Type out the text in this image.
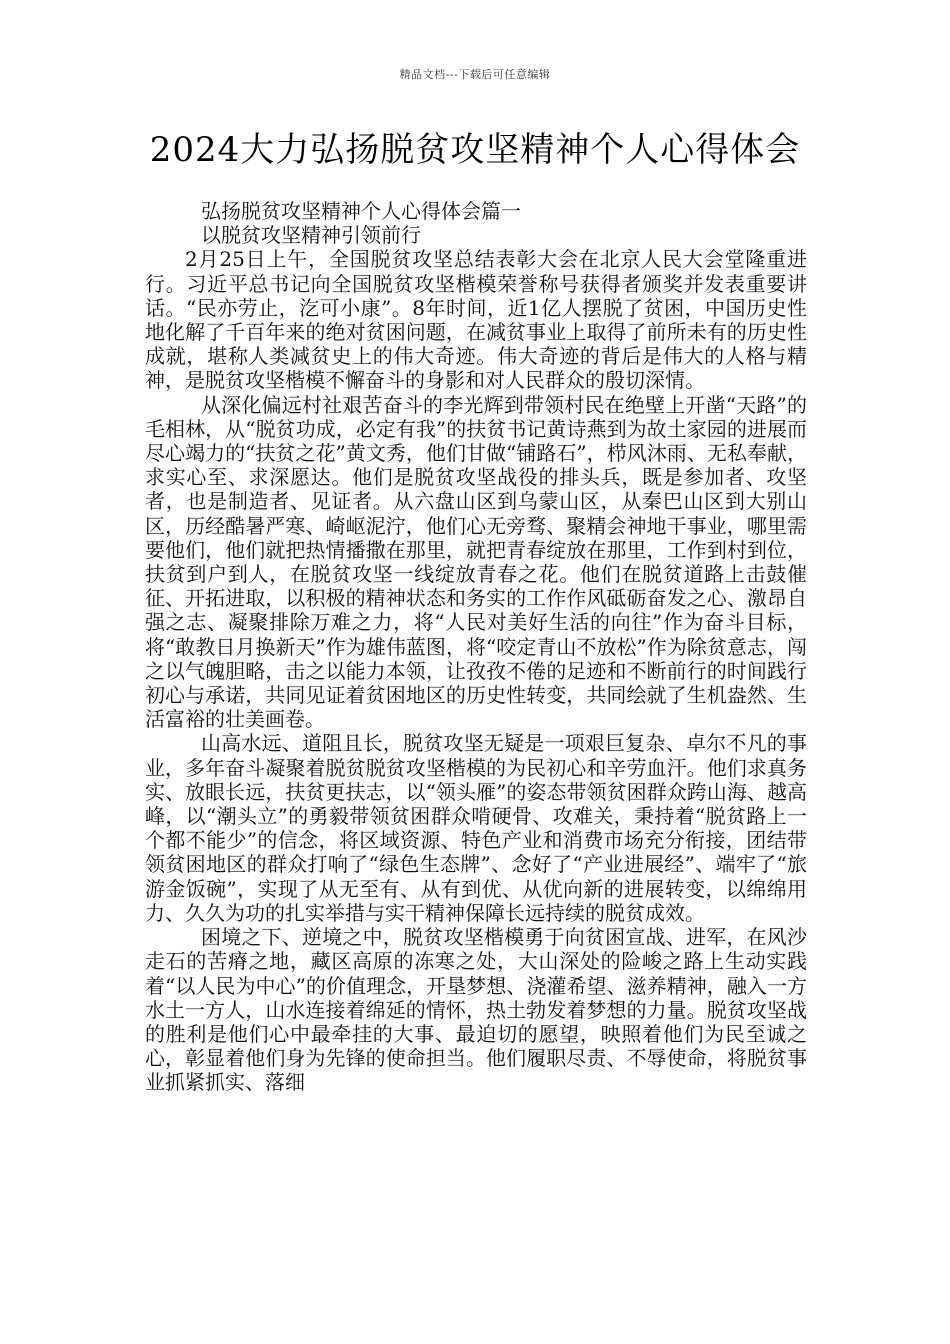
精品文档---下载后可任意编辑
2024大力弘扬脱贫攻坚精神个人心得体会

弘扬脱贫攻坚精神个人心得体会篇一

以脱贫攻坚精神引领前行

2月25日上午，全国脱贫攻坚总结表彰大会在北京人民大会堂隆重进行。习近平总书记向全国脱贫攻坚楷模荣誉称号获得者颁奖并发表重要讲话。“民亦劳止，汔可小康”。8年时间，近1亿人摆脱了贫困，中国历史性地化解了千百年来的绝对贫困问题，在减贫事业上取得了前所未有的历史性成就，堪称人类减贫史上的伟大奇迹。伟大奇迹的背后是伟大的人格与精神，是脱贫攻坚楷模不懈奋斗的身影和对人民群众的殷切深情。

从深化偏远村社艰苦奋斗的李光辉到带领村民在绝壁上开凿“天路”的毛相林，从“脱贫功成，必定有我”的扶贫书记黄诗燕到为故土家园的进展而尽心竭力的“扶贫之花”黄文秀，他们甘做“铺路石”，栉风沐雨、无私奉献，求实心至、求深愿达。他们是脱贫攻坚战役的排头兵，既是参加者、攻坚者，也是制造者、见证者。从六盘山区到乌蒙山区，从秦巴山区到大别山区，历经酷暑严寒、崎岖泥泞，他们心无旁骛、聚精会神地干事业，哪里需要他们，他们就把热情播撒在那里，就把青春绽放在那里，工作到村到位，扶贫到户到人，在脱贫攻坚一线绽放青春之花。他们在脱贫道路上击鼓催征、开拓进取，以积极的精神状态和务实的工作作风砥砺奋发之心、激昂自强之志、凝聚排除万难之力，将“人民对美好生活的向往”作为奋斗目标，将“敢教日月换新天”作为雄伟蓝图，将“咬定青山不放松”作为除贫意志，闯之以气魄胆略，击之以能力本领，让孜孜不倦的足迹和不断前行的时间践行初心与承诺，共同见证着贫困地区的历史性转变，共同绘就了生机盎然、生活富裕的壮美画卷。

山高水远、道阻且长，脱贫攻坚无疑是一项艰巨复杂、卓尔不凡的事业，多年奋斗凝聚着脱贫脱贫攻坚楷模的为民初心和辛劳血汗。他们求真务实、放眼长远，扶贫更扶志，以“领头雁”的姿态带领贫困群众跨山海、越高峰，以“潮头立”的勇毅带领贫困群众啃硬骨、攻难关，秉持着“脱贫路上一个都不能少”的信念，将区域资源、特色产业和消费市场充分衔接，团结带领贫困地区的群众打响了“绿色生态牌”、念好了“产业进展经”、端牢了“旅游金饭碗”，实现了从无至有、从有到优、从优向新的进展转变，以绵绵用力、久久为功的扎实举措与实干精神保障长远持续的脱贫成效。

困境之下、逆境之中，脱贫攻坚楷模勇于向贫困宣战、进军，在风沙走石的苦瘠之地，藏区高原的冻寒之处，大山深处的险峻之路上生动实践着“以人民为中心”的价值理念，开垦梦想、浇灌希望、滋养精神，融入一方水土一方人，山水连接着绵延的情怀，热土勃发着梦想的力量。脱贫攻坚战的胜利是他们心中最牵挂的大事、最迫切的愿望，映照着他们为民至诚之心，彰显着他们身为先锋的使命担当。他们履职尽责、不辱使命，将脱贫事业抓紧抓实、落细
